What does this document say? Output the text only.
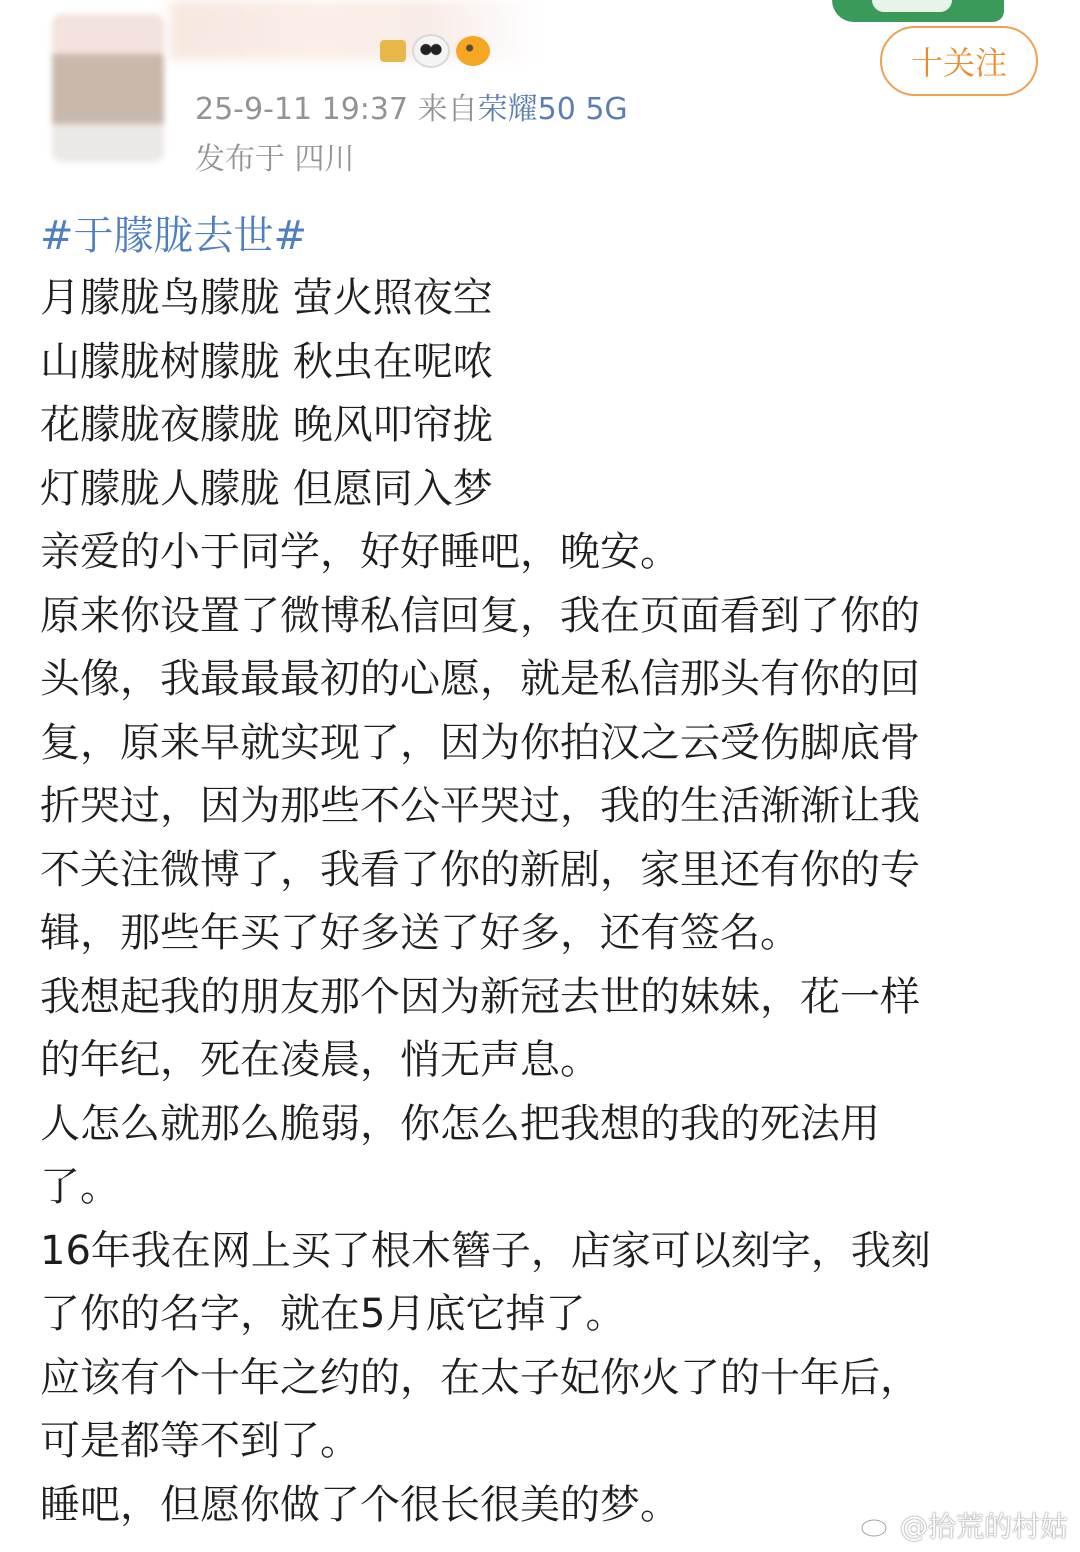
25-9-11 19:37 来自荣耀50 5G
发布于 四川
十关注

#于朦胧去世#

月朦胧鸟朦胧 萤火照夜空

山朦胧树朦胧 秋虫在呢哝

花朦胧夜朦胧 晚风叩帘拢

灯朦胧人朦胧 但愿同入梦

亲爱的小于同学，好好睡吧，晚安。

原来你设置了微博私信回复，我在页面看到了你的

头像，我最最最初的心愿，就是私信那头有你的回

复，原来早就实现了，因为你拍汉之云受伤脚底骨

折哭过，因为那些不公平哭过，我的生活渐渐让我

不关注微博了，我看了你的新剧，家里还有你的专

辑，那些年买了好多送了好多，还有签名。

我想起我的朋友那个因为新冠去世的妹妹，花一样

的年纪，死在凌晨，悄无声息。

人怎么就那么脆弱，你怎么把我想的我的死法用

了。

16年我在网上买了根木簪子，店家可以刻字，我刻

了你的名字，就在5月底它掉了。

应该有个十年之约的，在太子妃你火了的十年后，

可是都等不到了。

睡吧，但愿你做了个很长很美的梦。	@拾荒的村姑
